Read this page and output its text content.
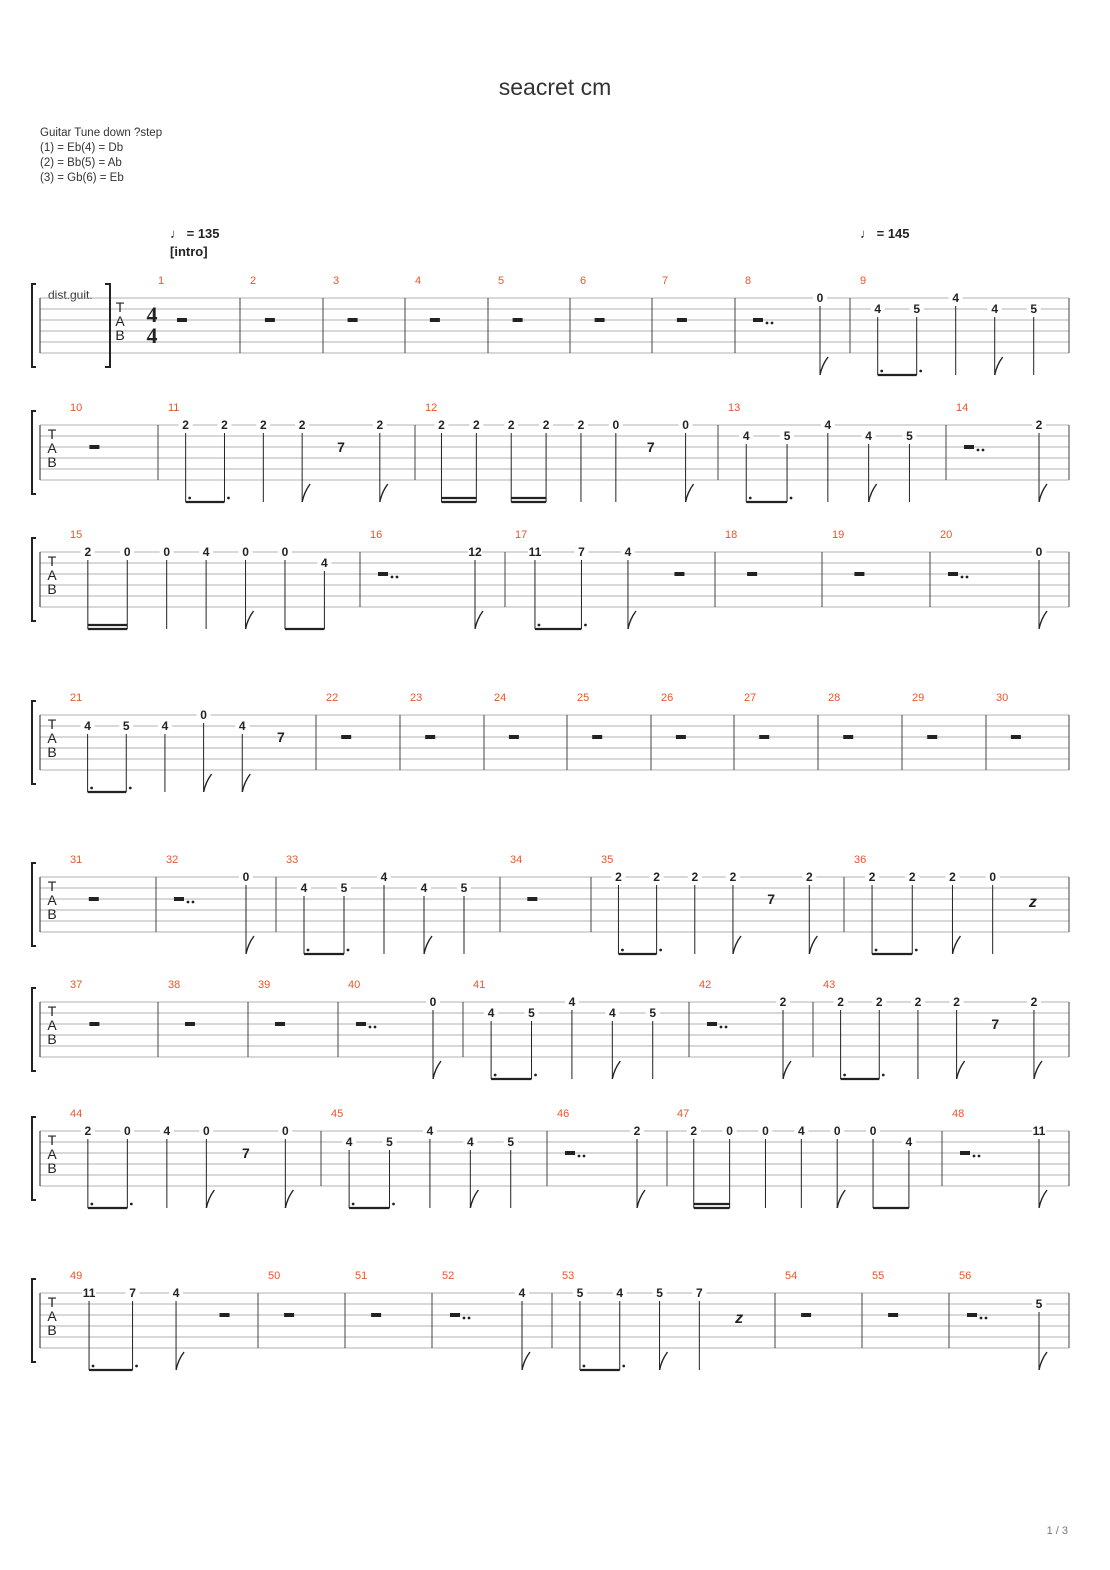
seacret cm
Guitar Tune down ?step
(1) = Eb(4) = Db
(2) = Bb(5) = Ab
(3) = Gb(6) = Eb
♩ = 135
[intro]
♩ = 145
dist.guit.
T
A
B
4
4
1	2	3	4	5	6	7	8
0
9
4	5
4
4	5
T
A
B
10	11
2	2	2	2
7
2
12
2 2 2 2 2 0
7
0
13
4	5
4
4	5
14
2
T
A
B
15
2	0	0	4	0	0
4
16
12
17
11	7	4
18	19	20
0
T
A
B
21
4	5	4
0
4
7
22	23	24	25	26	27	28	29	30
T
A
B
31	32
0
33
4	5
4
4	5
34	35
2	2	2	2
7
2
36
2	2	2	0
z
T
A
B
37	38	39	40
0
41
4	5
4
4	5
42
2
43
2	2	2	2
7
2
T
A
B
44
2	0	4	0
7
0
45
4	5
4
4	5
46
2
47
2 0 0 4 0 0
4
48
11
T
A
B
49
11	7	4
50	51	52
4
53
5	4	5	7
z
54	55	56
5
1 / 3
